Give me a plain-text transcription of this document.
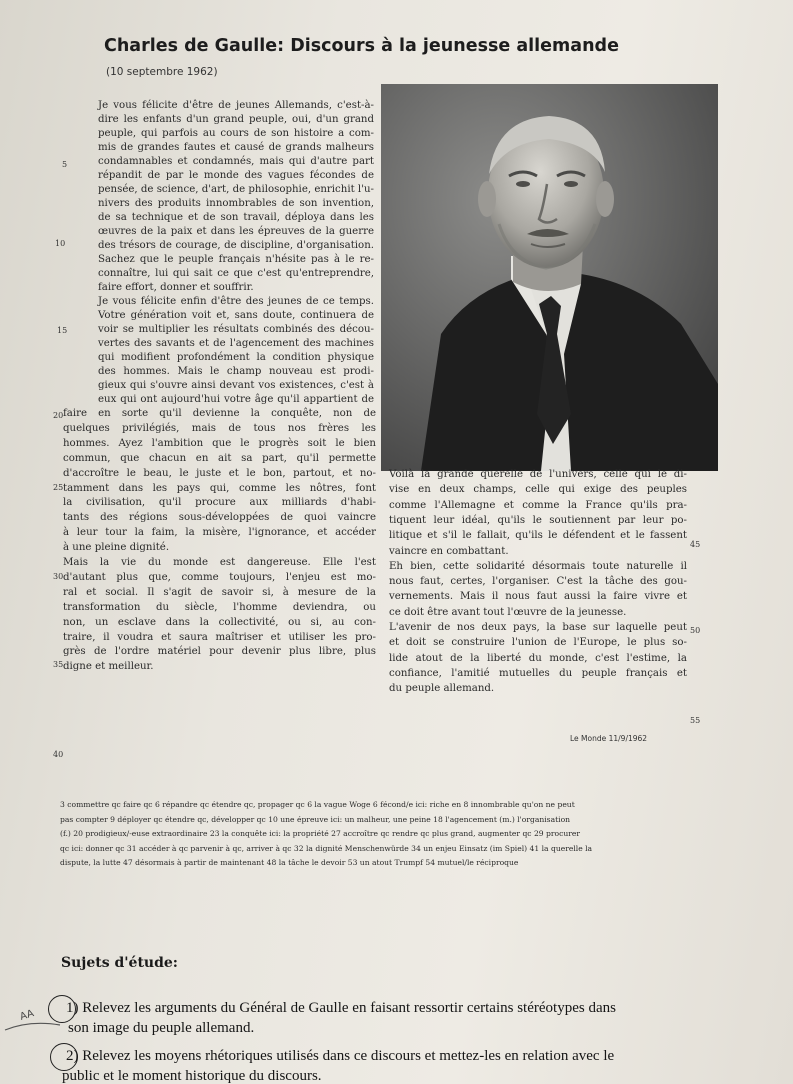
Charles de Gaulle: Discours à la jeunesse allemande
(10 septembre 1962)
Je vous félicite d'être de jeunes Allemands, c'est-à-
dire les enfants d'un grand peuple, oui, d'un grand
peuple, qui parfois au cours de son histoire a com-
mis de grandes fautes et causé de grands malheurs
condamnables et condamnés, mais qui d'autre part
répandit de par le monde des vagues fécondes de
pensée, de science, d'art, de philosophie, enrichit l'u-
nivers des produits innombrables de son invention,
de sa technique et de son travail, déploya dans les
œuvres de la paix et dans les épreuves de la guerre
des trésors de courage, de discipline, d'organisation.
Sachez que le peuple français n'hésite pas à le re-
connaître, lui qui sait ce que c'est qu'entreprendre,
faire effort, donner et souffrir.
Je vous félicite enfin d'être des jeunes de ce temps.
Votre génération voit et, sans doute, continuera de
voir se multiplier les résultats combinés des décou-
vertes des savants et de l'agencement des machines
qui modifient profondément la condition physique
des hommes. Mais le champ nouveau est prodi-
gieux qui s'ouvre ainsi devant vos existences, c'est à
eux qui ont aujourd'hui votre âge qu'il appartient de
faire en sorte qu'il devienne la conquête, non de
quelques privilégiés, mais de tous nos frères les
hommes. Ayez l'ambition que le progrès soit le bien
commun, que chacun en ait sa part, qu'il permette
d'accroître le beau, le juste et le bon, partout, et no-
tamment dans les pays qui, comme les nôtres, font
la civilisation, qu'il procure aux milliards d'habi-
tants des régions sous-développées de quoi vaincre
à leur tour la faim, la misère, l'ignorance, et accéder
à une pleine dignité.
Mais la vie du monde est dangereuse. Elle l'est
d'autant plus que, comme toujours, l'enjeu est mo-
ral et social. Il s'agit de savoir si, à mesure de la
transformation du siècle, l'homme deviendra, ou
non, un esclave dans la collectivité, ou si, au con-
traire, il voudra et saura maîtriser et utiliser les pro-
grès de l'ordre matériel pour devenir plus libre, plus
digne et meilleur.
Voilà la grande querelle de l'univers, celle qui le di-
vise en deux champs, celle qui exige des peuples
comme l'Allemagne et comme la France qu'ils pra-
tiquent leur idéal, qu'ils le soutiennent par leur po-
litique et s'il le fallait, qu'ils le défendent et le fassent
vaincre en combattant.
Eh bien, cette solidarité désormais toute naturelle il
nous faut, certes, l'organiser. C'est la tâche des gou-
vernements. Mais il nous faut aussi la faire vivre et
ce doit être avant tout l'œuvre de la jeunesse.
L'avenir de nos deux pays, la base sur laquelle peut
et doit se construire l'union de l'Europe, le plus so-
lide atout de la liberté du monde, c'est l'estime, la
confiance, l'amitié mutuelles du peuple français et
du peuple allemand.
5
10
15
20
25
30
35
40
45
50
55
Le Monde 11/9/1962
3 commettre qc faire qc 6 répandre qc étendre qc, propager qc 6 la vague Woge 6 fécond/e ici: riche en 8 innombrable qu'on ne peut
pas compter 9 déployer qc étendre qc, développer qc 10 une épreuve ici: un malheur, une peine 18 l'agencement (m.) l'organisation
(f.) 20 prodigieux/-euse extraordinaire 23 la conquête ici: la propriété 27 accroître qc rendre qc plus grand, augmenter qc 29 procurer
qc ici: donner qc 31 accéder à qc parvenir à qc, arriver à qc 32 la dignité Menschenwürde 34 un enjeu Einsatz (im Spiel) 41 la querelle la
dispute, la lutte 47 désormais à partir de maintenant 48 la tâche le devoir 53 un atout Trumpf 54 mutuel/le réciproque
Sujets d'étude:
AA 1) Relevez les arguments du Général de Gaulle en faisant ressortir certains stéréotypes dans
son image du peuple allemand.
2) Relevez les moyens rhétoriques utilisés dans ce discours et mettez-les en relation avec le
public et le moment historique du discours.
